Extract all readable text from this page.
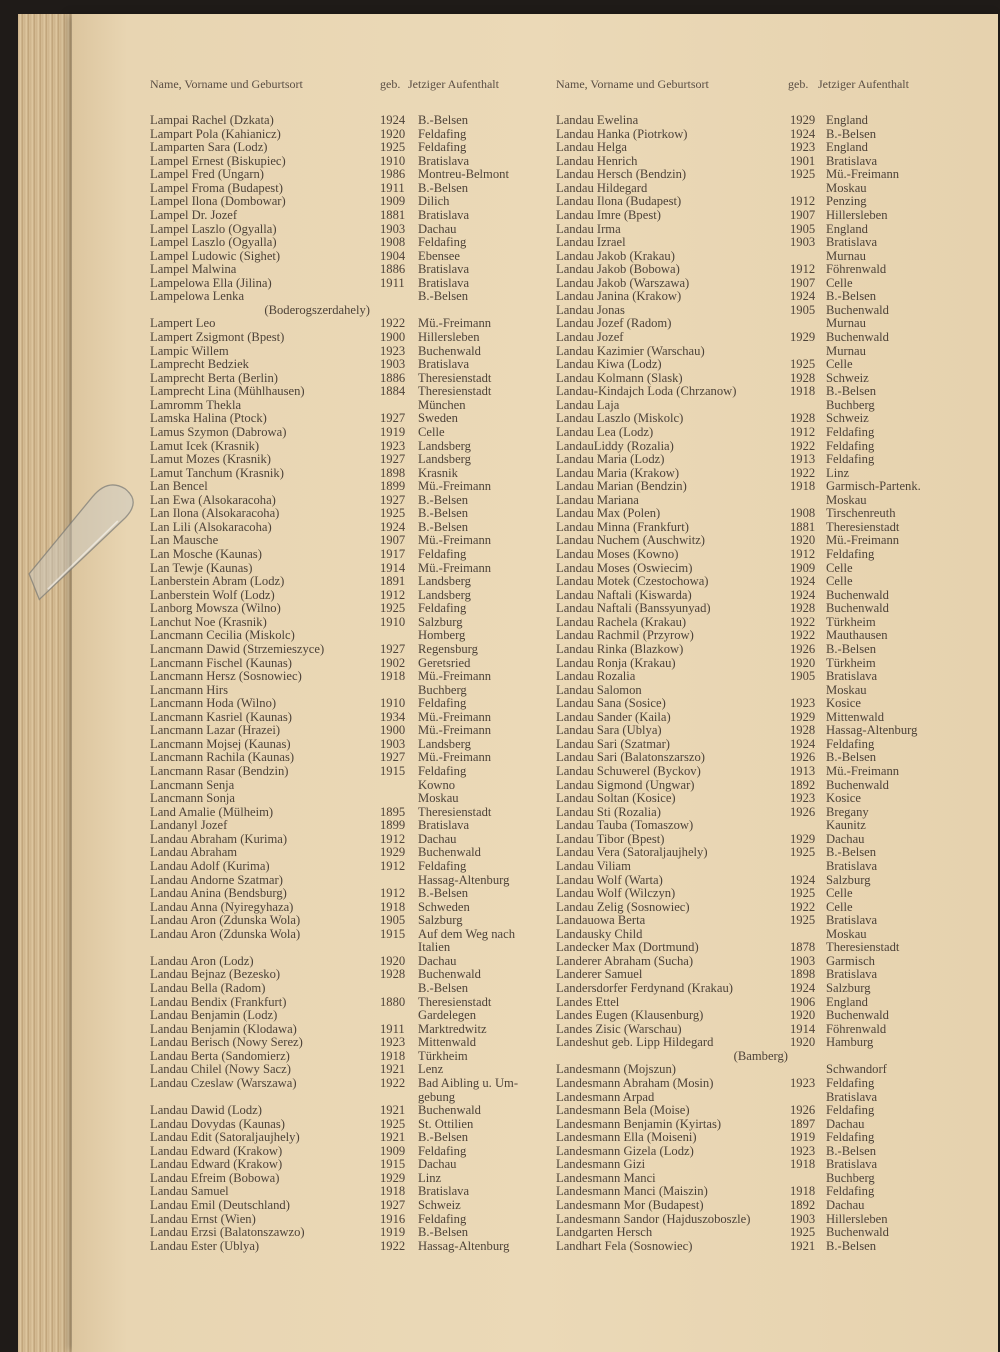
Name, Vorname und Geburtsort	geb. Jetziger Aufenthalt
Lampai Rachel (Dzkata)	1924 B.-Belsen
Lampart Pola (Kahianicz)	1920 Feldafing
Lamparten Sara (Lodz)	1925 Feldafing
Lampel Ernest (Biskupiec)	1910 Bratislava
Lampel Fred (Ungarn)	1986 Montreu-Belmont
Lampel Froma (Budapest)	1911 B.-Belsen
Lampel Ilona (Dombowar)	1909 Dilich
Lampel Dr. Jozef	1881 Bratislava
Lampel Laszlo (Ogyalla)	1903 Dachau
Lampel Laszlo (Ogyalla)	1908 Feldafing
Lampel Ludowic (Sighet)	1904 Ebensee
Lampel Malwina	1886 Bratislava
Lampelowa Ella (Jilina)	1911 Bratislava
Lampelowa Lenka	B.-Belsen
(Boderogszerdahely)
Lampert Leo	1922 Mü.-Freimann
Lampert Zsigmont (Bpest)	1900 Hillersleben
Lampic Willem	1923 Buchenwald
Lamprecht Bedziek	1903 Bratislava
Lamprecht Berta (Berlin)	1886 Theresienstadt
Lamprecht Lina (Mühlhausen)	1884 Theresienstadt
Lamromm Thekla	München
Lamska Halina (Ptock)	1927 Sweden
Lamus Szymon (Dabrowa)	1919 Celle
Lamut Icek (Krasnik)	1923 Landsberg
Lamut Mozes (Krasnik)	1927 Landsberg
Lamut Tanchum (Krasnik)	1898 Krasnik
Lan Bencel	1899 Mü.-Freimann
Lan Ewa (Alsokaracoha)	1927 B.-Belsen
Lan Ilona (Alsokaracoha)	1925 B.-Belsen
Lan Lili (Alsokaracoha)	1924 B.-Belsen
Lan Mausche	1907 Mü.-Freimann
Lan Mosche (Kaunas)	1917 Feldafing
Lan Tewje (Kaunas)	1914 Mü.-Freimann
Lanberstein Abram (Lodz)	1891 Landsberg
Lanberstein Wolf (Lodz)	1912 Landsberg
Lanborg Mowsza (Wilno)	1925 Feldafing
Lanchut Noe (Krasnik)	1910 Salzburg
Lancmann Cecilia (Miskolc)	Homberg
Lancmann Dawid (Strzemieszyce)	1927 Regensburg
Lancmann Fischel (Kaunas)	1902 Geretsried
Lancmann Hersz (Sosnowiec)	1918 Mü.-Freimann
Lancmann Hirs	Buchberg
Lancmann Hoda (Wilno)	1910 Feldafing
Lancmann Kasriel (Kaunas)	1934 Mü.-Freimann
Lancmann Lazar (Hrazei)	1900 Mü.-Freimann
Lancmann Mojsej (Kaunas)	1903 Landsberg
Lancmann Rachila (Kaunas)	1927 Mü.-Freimann
Lancmann Rasar (Bendzin)	1915 Feldafing
Lancmann Senja	Kowno
Lancmann Sonja	Moskau
Land Amalie (Mülheim)	1895 Theresienstadt
Landanyl Jozef	1899 Bratislava
Landau Abraham (Kurima)	1912 Dachau
Landau Abraham	1929 Buchenwald
Landau Adolf (Kurima)	1912 Feldafing
Landau Andorne Szatmar)	Hassag-Altenburg
Landau Anina (Bendsburg)	1912 B.-Belsen
Landau Anna (Nyiregyhaza)	1918 Schweden
Landau Aron (Zdunska Wola)	1905 Salzburg
Landau Aron (Zdunska Wola)	1915 Auf dem Weg nach
Italien
Landau Aron (Lodz)	1920 Dachau
Landau Bejnaz (Bezesko)	1928 Buchenwald
Landau Bella (Radom)	B.-Belsen
Landau Bendix (Frankfurt)	1880 Theresienstadt
Landau Benjamin (Lodz)	Gardelegen
Landau Benjamin (Klodawa)	1911 Marktredwitz
Landau Berisch (Nowy Serez)	1923 Mittenwald
Landau Berta (Sandomierz)	1918 Türkheim
Landau Chilel (Nowy Sacz)	1921 Lenz
Landau Czeslaw (Warszawa)	1922 Bad Aibling u. Um-
gebung
Landau Dawid (Lodz)	1921 Buchenwald
Landau Dovydas (Kaunas)	1925 St. Ottilien
Landau Edit (Satoraljaujhely)	1921 B.-Belsen
Landau Edward (Krakow)	1909 Feldafing
Landau Edward (Krakow)	1915 Dachau
Landau Efreim (Bobowa)	1929 Linz
Landau Samuel	1918 Bratislava
Landau Emil (Deutschland)	1927 Schweiz
Landau Ernst (Wien)	1916 Feldafing
Landau Erzsi (Balatonszawzo)	1919 B.-Belsen
Landau Ester (Ublya)	1922 Hassag-Altenburg
Name, Vorname und Geburtsort	geb. Jetziger Aufenthalt
Landau Ewelina	1929 England
Landau Hanka (Piotrkow)	1924 B.-Belsen
Landau Helga	1923 England
Landau Henrich	1901 Bratislava
Landau Hersch (Bendzin)	1925 Mü.-Freimann
Landau Hildegard	Moskau
Landau Ilona (Budapest)	1912 Penzing
Landau Imre (Bpest)	1907 Hillersleben
Landau Irma	1905 England
Landau Izrael	1903 Bratislava
Landau Jakob (Krakau)	Murnau
Landau Jakob (Bobowa)	1912 Föhrenwald
Landau Jakob (Warszawa)	1907 Celle
Landau Janina (Krakow)	1924 B.-Belsen
Landau Jonas	1905 Buchenwald
Landau Jozef (Radom)	Murnau
Landau Jozef	1929 Buchenwald
Landau Kazimier (Warschau)	Murnau
Landau Kiwa (Lodz)	1925 Celle
Landau Kolmann (Slask)	1928 Schweiz
Landau-Kindajch Loda (Chrzanow)	1918 B.-Belsen
Landau Laja	Buchberg
Landau Laszlo (Miskolc)	1928 Schweiz
Landau Lea (Lodz)	1912 Feldafing
LandauLiddy (Rozalia)	1922 Feldafing
Landau Maria (Lodz)	1913 Feldafing
Landau Maria (Krakow)	1922 Linz
Landau Marian (Bendzin)	1918 Garmisch-Partenk.
Landau Mariana	Moskau
Landau Max (Polen)	1908 Tirschenreuth
Landau Minna (Frankfurt)	1881 Theresienstadt
Landau Nuchem (Auschwitz)	1920 Mü.-Freimann
Landau Moses (Kowno)	1912 Feldafing
Landau Moses (Oswiecim)	1909 Celle
Landau Motek (Czestochowa)	1924 Celle
Landau Naftali (Kiswarda)	1924 Buchenwald
Landau Naftali (Banssyunyad)	1928 Buchenwald
Landau Rachela (Krakau)	1922 Türkheim
Landau Rachmil (Przyrow)	1922 Mauthausen
Landau Rinka (Blazkow)	1926 B.-Belsen
Landau Ronja (Krakau)	1920 Türkheim
Landau Rozalia	1905 Bratislava
Landau Salomon	Moskau
Landau Sana (Sosice)	1923 Kosice
Landau Sander (Kaila)	1929 Mittenwald
Landau Sara (Ublya)	1928 Hassag-Altenburg
Landau Sari (Szatmar)	1924 Feldafing
Landau Sari (Balatonszarszo)	1926 B.-Belsen
Landau Schuwerel (Byckov)	1913 Mü.-Freimann
Landau Sigmond (Ungwar)	1892 Buchenwald
Landau Soltan (Kosice)	1923 Kosice
Landau Sti (Rozalia)	1926 Bregany
Landau Tauba (Tomaszow)	Kaunitz
Landau Tibor (Bpest)	1929 Dachau
Landau Vera (Satoraljaujhely)	1925 B.-Belsen
Landau Viliam	Bratislava
Landau Wolf (Warta)	1924 Salzburg
Landau Wolf (Wilczyn)	1925 Celle
Landau Zelig (Sosnowiec)	1922 Celle
Landauowa Berta	1925 Bratislava
Landausky Child	Moskau
Landecker Max (Dortmund)	1878 Theresienstadt
Landerer Abraham (Sucha)	1903 Garmisch
Landerer Samuel	1898 Bratislava
Landersdorfer Ferdynand (Krakau)	1924 Salzburg
Landes Ettel	1906 England
Landes Eugen (Klausenburg)	1920 Buchenwald
Landes Zisic (Warschau)	1914 Föhrenwald
Landeshut geb. Lipp Hildegard	1920 Hamburg
(Bamberg)
Landesmann (Mojszun)	Schwandorf
Landesmann Abraham (Mosin)	1923 Feldafing
Landesmann Arpad	Bratislava
Landesmann Bela (Moise)	1926 Feldafing
Landesmann Benjamin (Kyirtas)	1897 Dachau
Landesmann Ella (Moiseni)	1919 Feldafing
Landesmann Gizela (Lodz)	1923 B.-Belsen
Landesmann Gizi	1918 Bratislava
Landesmann Manci	Buchberg
Landesmann Manci (Maiszin)	1918 Feldafing
Landesmann Mor (Budapest)	1892 Dachau
Landesmann Sandor (Hajduszoboszle)	1903 Hillersleben
Landgarten Hersch	1925 Buchenwald
Landhart Fela (Sosnowiec)	1921 B.-Belsen
